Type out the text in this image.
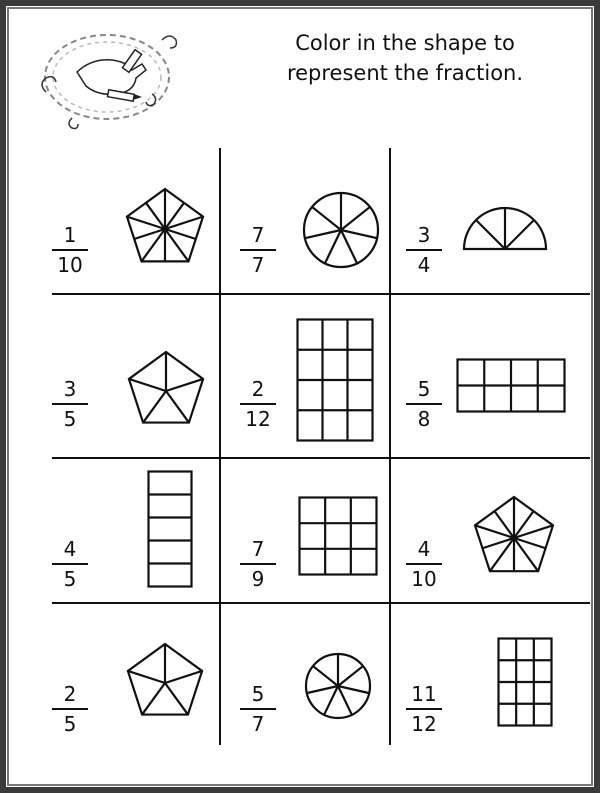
Color in the shape to
represent the fraction.
1
10
7
7
3
4
3
5
2
12
5
8
4
5
7
9
4
10
2
5
5
7
11
12
